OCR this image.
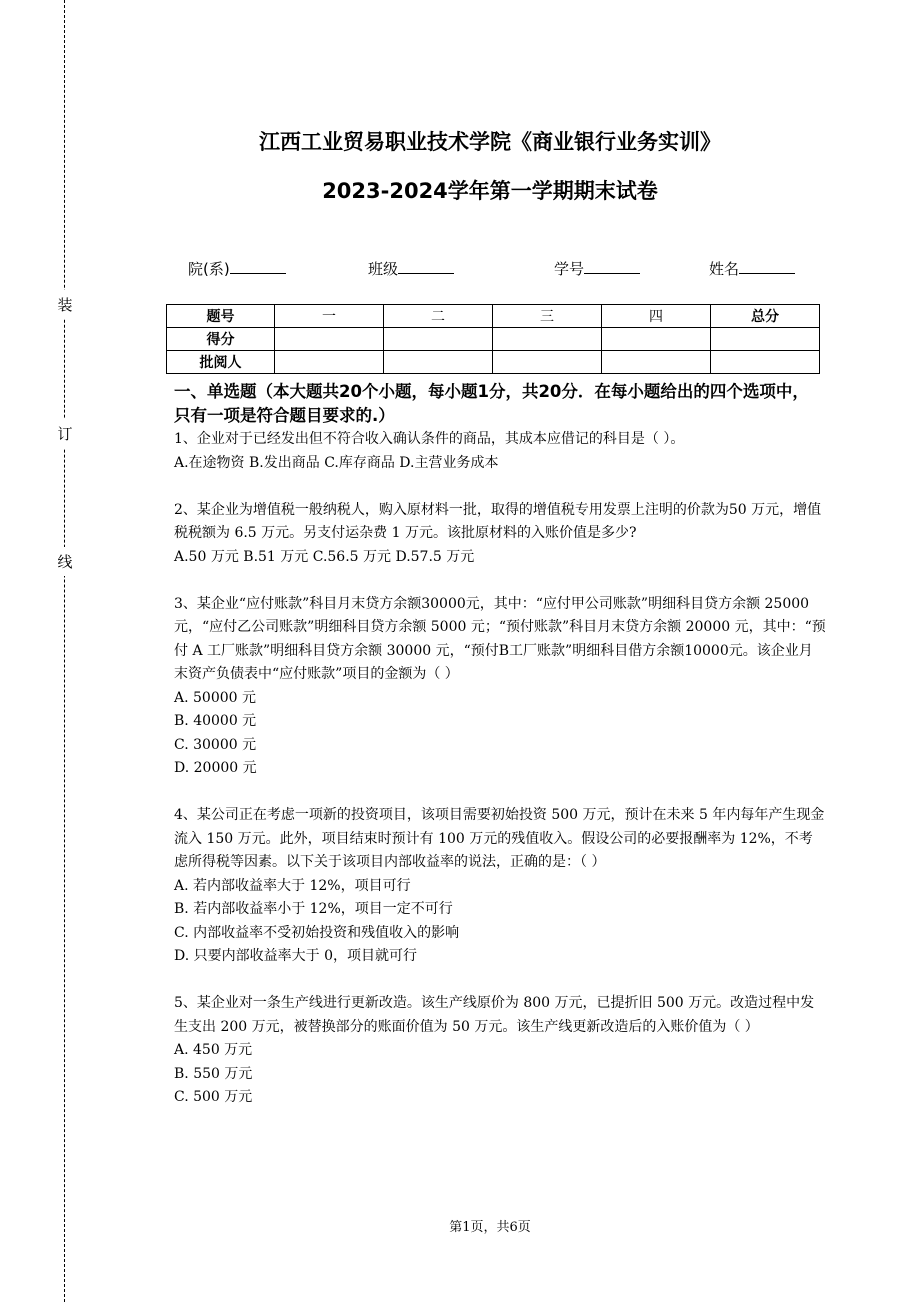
装
订
线
江西工业贸易职业技术学院《商业银行业务实训》
2023-2024学年第一学期期末试卷
院(系)	班级	学号	姓名
题号	一	二	三	四	总分
得分					
批阅人					
一、单选题（本大题共20个小题，每小题1分，共20分．在每小题给出的四个选项中，只有一项是符合题目要求的.）

1、企业对于已经发出但不符合收入确认条件的商品，其成本应借记的科目是（ ）。

A.在途物资 B.发出商品 C.库存商品 D.主营业务成本

2、某企业为增值税一般纳税人，购入原材料一批，取得的增值税专用发票上注明的价款为50 万元，增值税税额为 6.5 万元。另支付运杂费 1 万元。该批原材料的入账价值是多少?

A.50 万元 B.51 万元 C.56.5 万元 D.57.5 万元

3、某企业“应付账款”科目月末贷方余额30000元，其中：“应付甲公司账款”明细科目贷方余额 25000 元，“应付乙公司账款”明细科目贷方余额 5000 元；“预付账款”科目月末贷方余额 20000 元，其中：“预付 A 工厂账款”明细科目贷方余额 30000 元，“预付B工厂账款”明细科目借方余额10000元。该企业月末资产负债表中“应付账款”项目的金额为（ ）

A. 50000 元

B. 40000 元

C. 30000 元

D. 20000 元

4、某公司正在考虑一项新的投资项目，该项目需要初始投资 500 万元，预计在未来 5 年内每年产生现金流入 150 万元。此外，项目结束时预计有 100 万元的残值收入。假设公司的必要报酬率为 12%，不考虑所得税等因素。以下关于该项目内部收益率的说法，正确的是：（ ）

A. 若内部收益率大于 12%，项目可行

B. 若内部收益率小于 12%，项目一定不可行

C. 内部收益率不受初始投资和残值收入的影响

D. 只要内部收益率大于 0，项目就可行

5、某企业对一条生产线进行更新改造。该生产线原价为 800 万元，已提折旧 500 万元。改造过程中发生支出 200 万元，被替换部分的账面价值为 50 万元。该生产线更新改造后的入账价值为（ ）

A. 450 万元

B. 550 万元

C. 500 万元

第1页，共6页
